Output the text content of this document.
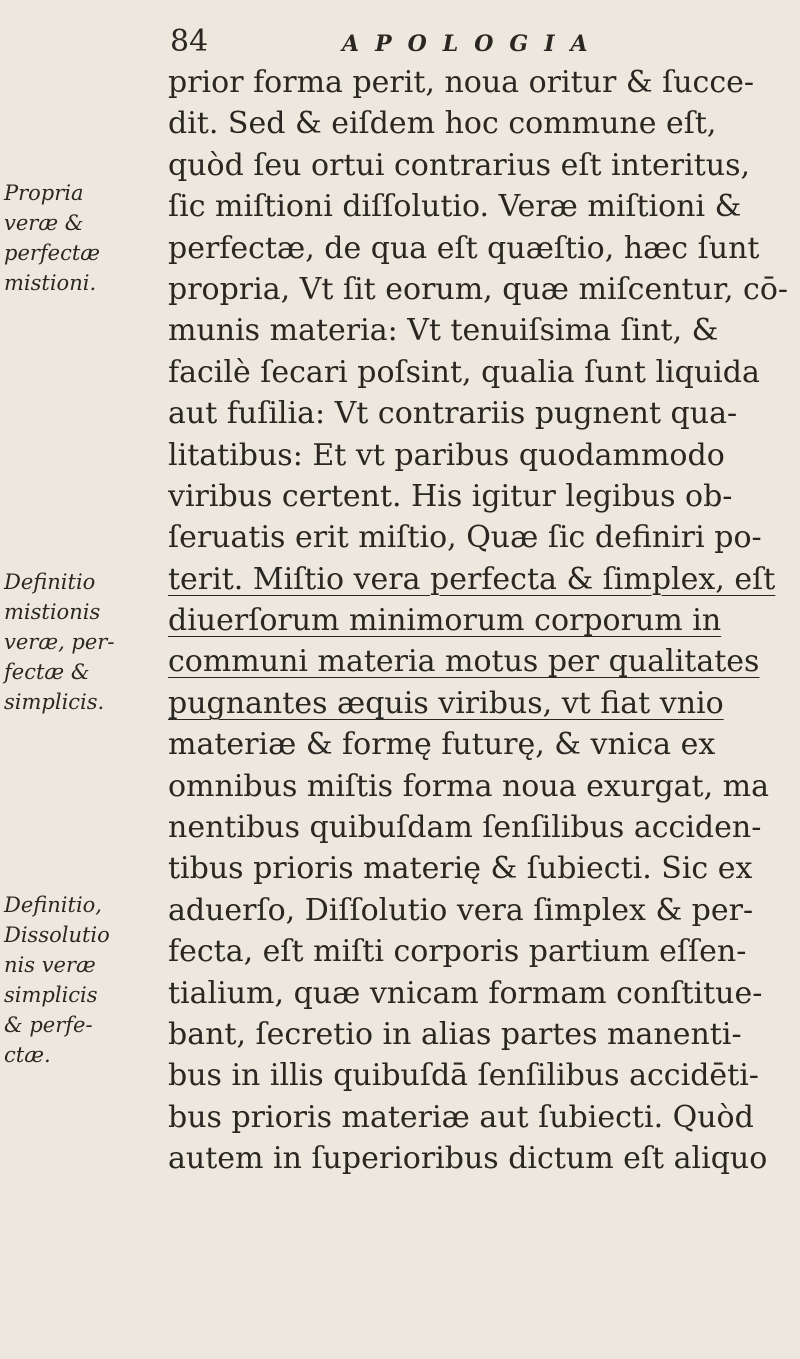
84	APOLOGIA
Propria
veræ &
perfectæ
mistioni.
Definitio
mistionis
veræ, per-
fectæ &
simplicis.
Definitio,
Dissolutio
nis veræ
simplicis
& perfe-
ctæ.
prior forma perit, noua oritur & ſucce-
dit. Sed & eiſdem hoc commune eſt,
quòd ſeu ortui contrarius eſt interitus,
ſic miſtioni diſſolutio. Veræ miſtioni &
perfectæ, de qua eſt quæſtio, hæc ſunt
propria, Vt ſit eorum, quæ miſcentur, cō-
munis materia: Vt tenuiſsima ſint, &
facilè ſecari poſsint, qualia ſunt liquida
aut fuſilia: Vt contrariis pugnent qua-
litatibus: Et vt paribus quodammodo
viribus certent. His igitur legibus ob-
ſeruatis erit miſtio, Quæ ſic definiri po-
terit. Miſtio vera perfecta & ſimplex, eſt
diuerſorum minimorum corporum in
communi materia motus per qualitates
pugnantes æquis viribus, vt fiat vnio
materiæ & formę futurę, & vnica ex
omnibus miſtis forma noua exurgat, ma
nentibus quibuſdam ſenſilibus acciden-
tibus prioris materię & ſubiecti. Sic ex
aduerſo, Diſſolutio vera ſimplex & per-
fecta, eſt miſti corporis partium eſſen-
tialium, quæ vnicam formam conſtitue-
bant, ſecretio in alias partes manenti-
bus in illis quibuſdā ſenſilibus accidēti-
bus prioris materiæ aut ſubiecti. Quòd
autem in ſuperioribus dictum eſt aliquo
